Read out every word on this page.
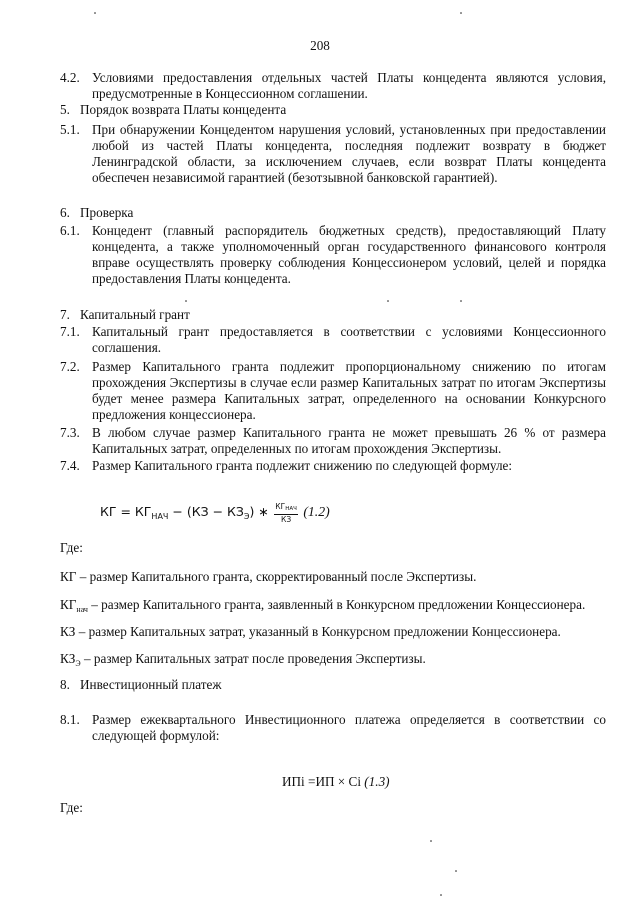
208
4.2. Условиями предоставления отдельных частей Платы концедента являются условия, предусмотренные в Концессионном соглашении.
5. Порядок возврата Платы концедента
5.1. При обнаружении Концедентом нарушения условий, установленных при предоставлении любой из частей Платы концедента, последняя подлежит возврату в бюджет Ленинградской области, за исключением случаев, если возврат Платы концедента обеспечен независимой гарантией (безотзывной банковской гарантией).
6. Проверка
6.1. Концедент (главный распорядитель бюджетных средств), предоставляющий Плату концедента, а также уполномоченный орган государственного финансового контроля вправе осуществлять проверку соблюдения Концессионером условий, целей и порядка предоставления Платы концедента.
7. Капитальный грант
7.1. Капитальный грант предоставляется в соответствии с условиями Концессионного соглашения.
7.2. Размер Капитального гранта подлежит пропорциональному снижению по итогам прохождения Экспертизы в случае если размер Капитальных затрат по итогам Экспертизы будет менее размера Капитальных затрат, определенного на основании Конкурсного предложения концессионера.
7.3. В любом случае размер Капитального гранта не может превышать 26 % от размера Капитальных затрат, определенных по итогам прохождения Экспертизы.
7.4. Размер Капитального гранта подлежит снижению по следующей формуле:
КГ = $КГ_{НАЧ} - (КЗ - КЗ_Э)$ ∗ $\frac{\text{КГНАЧ}}{КЗ} (1.2)$
Где:
КГ – размер Капитального гранта, скорректированный после Экспертизы.
$КГ_{нач}$ – размер Капитального гранта, заявленный в Конкурсном предложении Концессионера.
КЗ – размер Капитальных затрат, указанный в Конкурсном предложении Концессионера.
$КЗ_Э$ – размер Капитальных затрат после проведения Экспертизы.
8. Инвестиционный платеж
8.1. Размер ежеквартального Инвестиционного платежа определяется в соответствии со следующей формулой:
ИПi =ИП × Ci (1.3)
Где:
